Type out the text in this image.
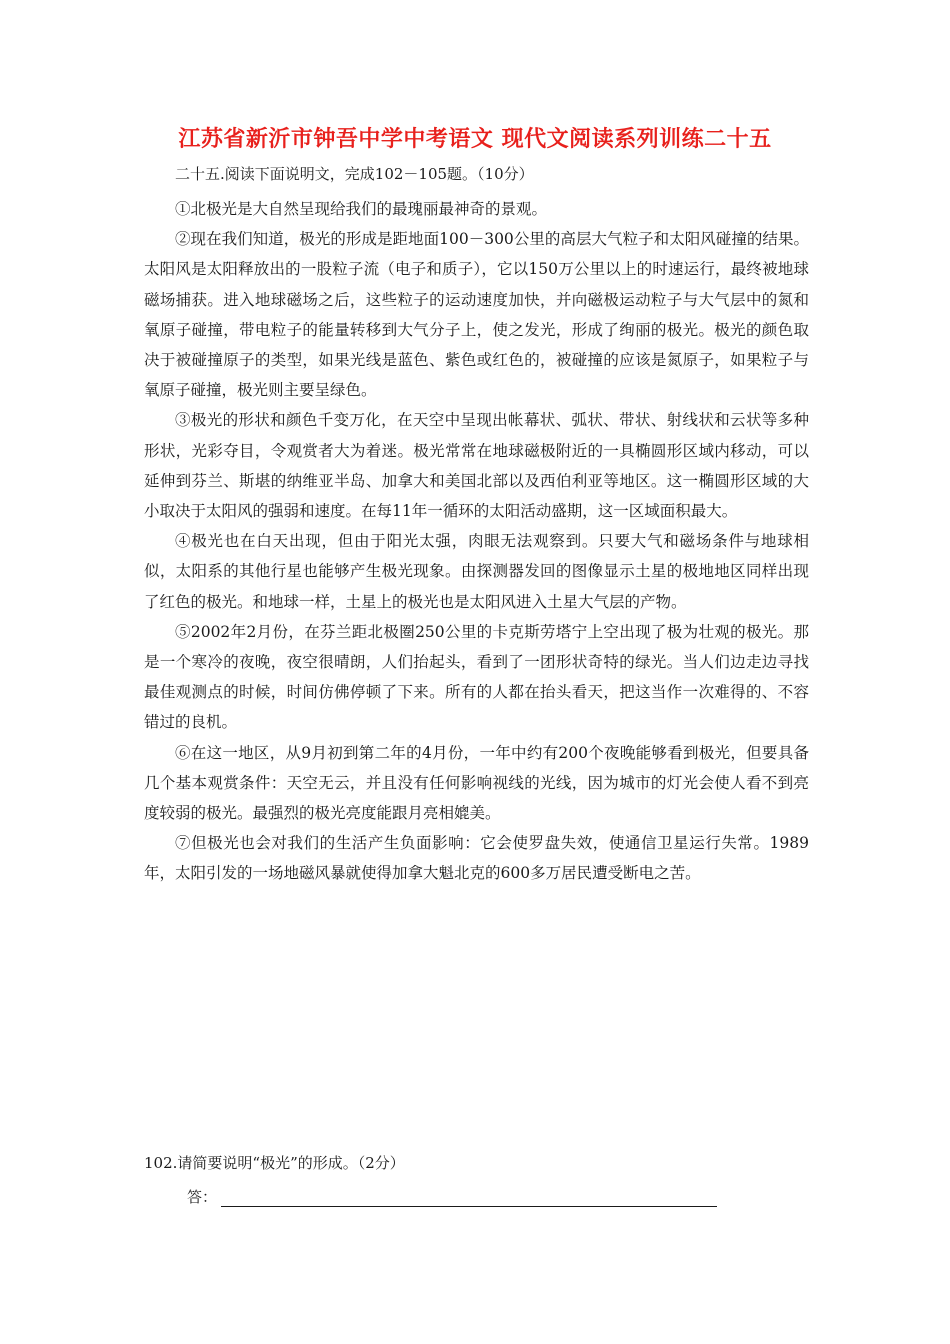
江苏省新沂市钟吾中学中考语文 现代文阅读系列训练二十五
二十五.阅读下面说明文，完成102－105题。（10分）

①北极光是大自然呈现给我们的最瑰丽最神奇的景观。

②现在我们知道，极光的形成是距地面100－300公里的高层大气粒子和太阳风碰撞的结果。太阳风是太阳释放出的一股粒子流（电子和质子），它以150万公里以上的时速运行，最终被地球磁场捕获。进入地球磁场之后，这些粒子的运动速度加快，并向磁极运动粒子与大气层中的氮和氧原子碰撞，带电粒子的能量转移到大气分子上，使之发光，形成了绚丽的极光。极光的颜色取决于被碰撞原子的类型，如果光线是蓝色、紫色或红色的，被碰撞的应该是氮原子，如果粒子与氧原子碰撞，极光则主要呈绿色。

③极光的形状和颜色千变万化，在天空中呈现出帐幕状、弧状、带状、射线状和云状等多种形状，光彩夺目，令观赏者大为着迷。极光常常在地球磁极附近的一具椭圆形区域内移动，可以延伸到芬兰、斯堪的纳维亚半岛、加拿大和美国北部以及西伯利亚等地区。这一椭圆形区域的大小取决于太阳风的强弱和速度。在每11年一循环的太阳活动盛期，这一区域面积最大。

④极光也在白天出现，但由于阳光太强，肉眼无法观察到。只要大气和磁场条件与地球相似，太阳系的其他行星也能够产生极光现象。由探测器发回的图像显示土星的极地地区同样出现了红色的极光。和地球一样，土星上的极光也是太阳风进入土星大气层的产物。

⑤2002年2月份，在芬兰距北极圈250公里的卡克斯劳塔宁上空出现了极为壮观的极光。那是一个寒冷的夜晚，夜空很晴朗，人们抬起头，看到了一团形状奇特的绿光。当人们边走边寻找最佳观测点的时候，时间仿佛停顿了下来。所有的人都在抬头看天，把这当作一次难得的、不容错过的良机。

⑥在这一地区，从9月初到第二年的4月份，一年中约有200个夜晚能够看到极光，但要具备几个基本观赏条件：天空无云，并且没有任何影响视线的光线，因为城市的灯光会使人看不到亮度较弱的极光。最强烈的极光亮度能跟月亮相媲美。

⑦但极光也会对我们的生活产生负面影响：它会使罗盘失效，使通信卫星运行失常。1989年，太阳引发的一场地磁风暴就使得加拿大魁北克的600多万居民遭受断电之苦。

102.请简要说明“极光”的形成。（2分）
答：
